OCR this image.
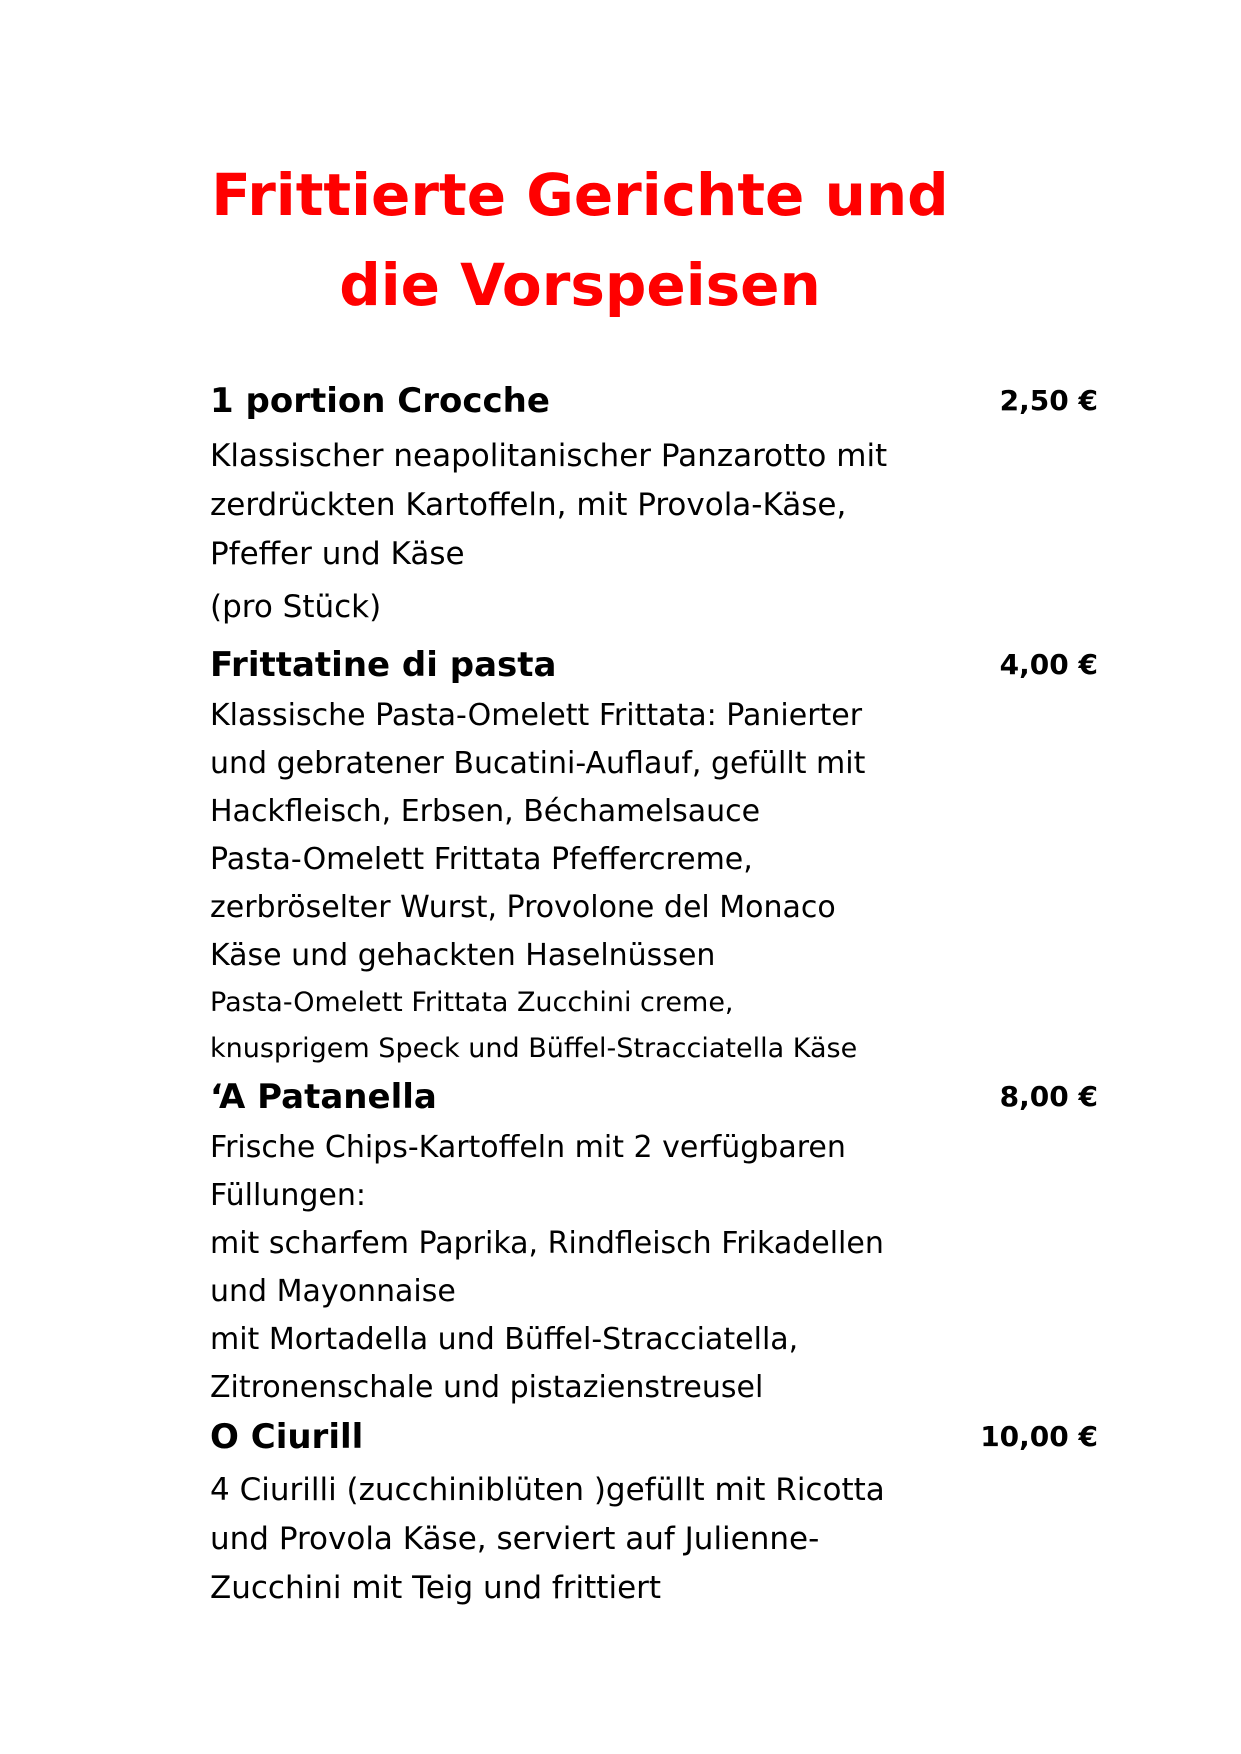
Frittierte Gerichte und
die Vorspeisen
1 portion Crocche	2,50 €
Klassischer neapolitanischer Panzarotto mit
zerdrückten Kartoffeln, mit Provola-Käse,
Pfeffer und Käse
(pro Stück)
Frittatine di pasta	4,00 €
Klassische Pasta-Omelett Frittata: Panierter
und gebratener Bucatini-Auflauf, gefüllt mit
Hackfleisch, Erbsen, Béchamelsauce
Pasta-Omelett Frittata Pfeffercreme,
zerbröselter Wurst, Provolone del Monaco
Käse und gehackten Haselnüssen
Pasta-Omelett Frittata Zucchini creme,
knusprigem Speck und Büffel-Stracciatella Käse
‘A Patanella	8,00 €
Frische Chips-Kartoffeln mit 2 verfügbaren
Füllungen:
mit scharfem Paprika, Rindfleisch Frikadellen
und Mayonnaise
mit Mortadella und Büffel-Stracciatella,
Zitronenschale und pistazienstreusel
O Ciurill	10,00 €
4 Ciurilli (zucchiniblüten )gefüllt mit Ricotta
und Provola Käse, serviert auf Julienne-
Zucchini mit Teig und frittiert
